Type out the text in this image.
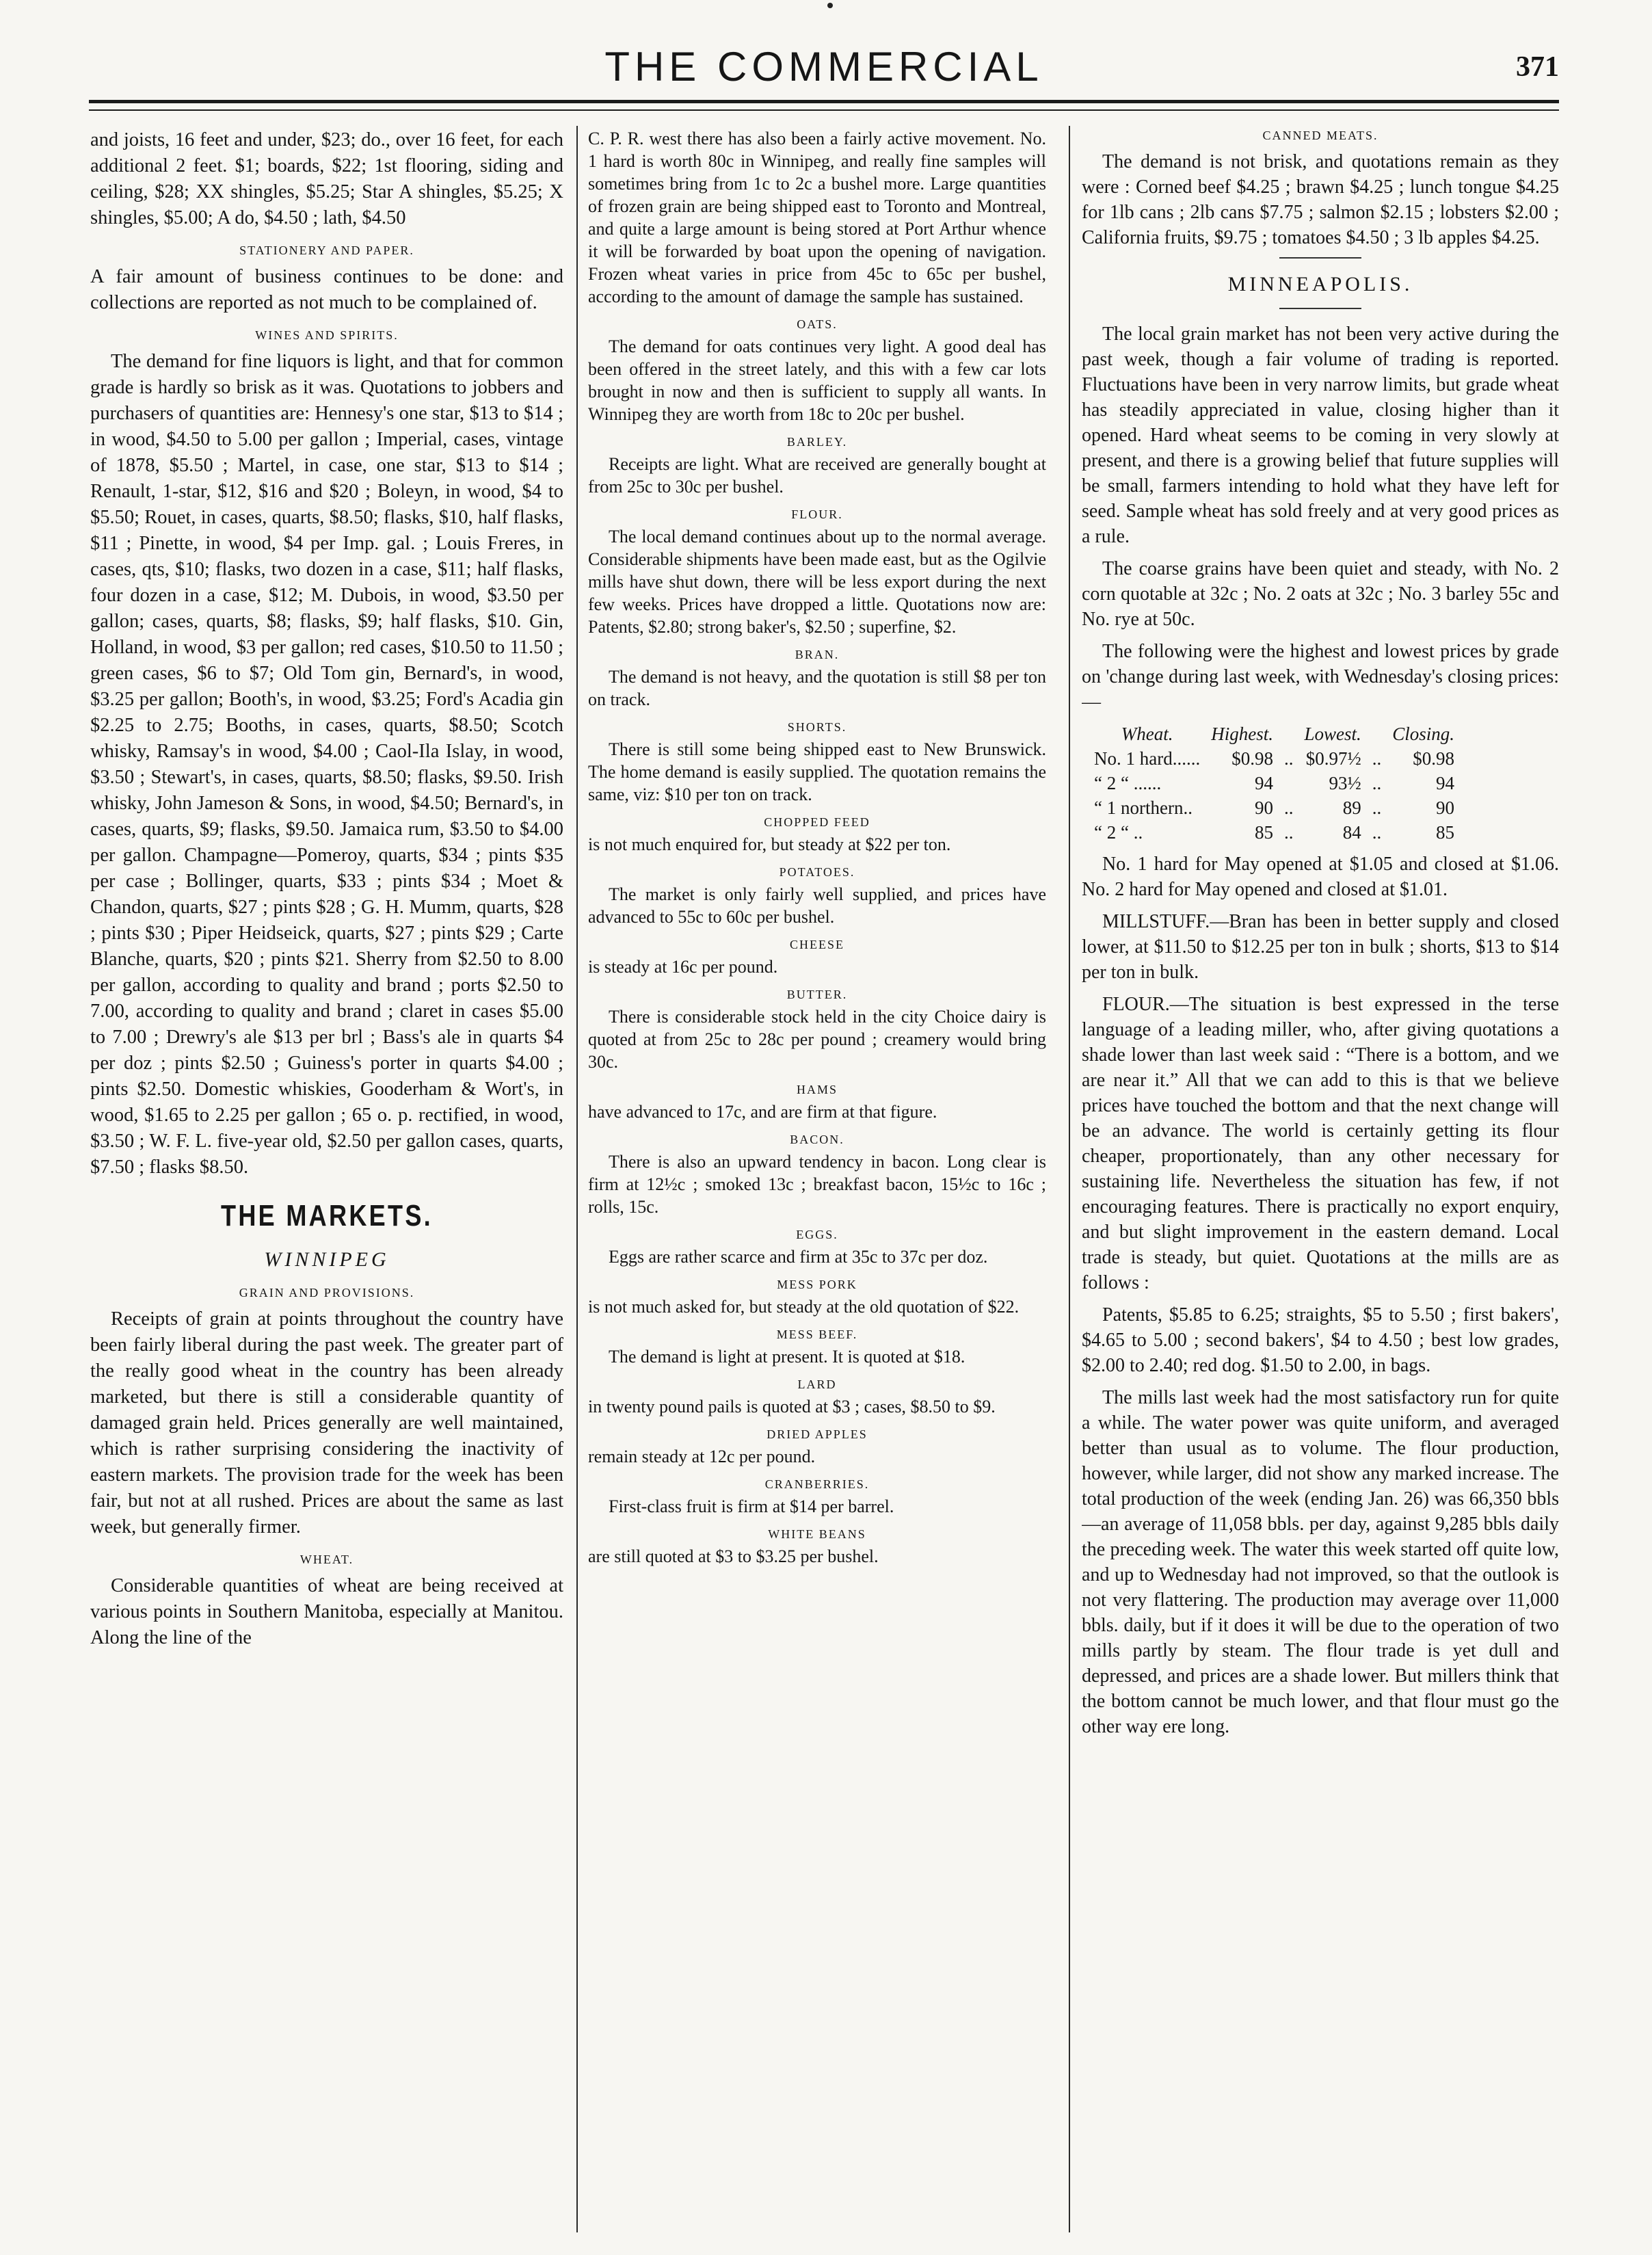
THE COMMERCIAL	371

and joists, 16 feet and under, $23; do., over 16 feet, for each additional 2 feet. $1; boards, $22; 1st flooring, siding and ceiling, $28; XX shingles, $5.25; Star A shingles, $5.25; X shingles, $5.00; A do, $4.50 ; lath, $4.50

STATIONERY AND PAPER.

A fair amount of business continues to be done: and collections are reported as not much to be complained of.

WINES AND SPIRITS.

The demand for fine liquors is light, and that for common grade is hardly so brisk as it was. Quotations to jobbers and purchasers of quantities are: Hennesy's one star, $13 to $14 ; in wood, $4.50 to 5.00 per gallon ; Imperial, cases, vintage of 1878, $5.50 ; Martel, in case, one star, $13 to $14 ; Renault, 1-star, $12, $16 and $20 ; Boleyn, in wood, $4 to $5.50; Rouet, in cases, quarts, $8.50; flasks, $10, half flasks, $11 ; Pinette, in wood, $4 per Imp. gal. ; Louis Freres, in cases, qts, $10; flasks, two dozen in a case, $11; half flasks, four dozen in a case, $12; M. Dubois, in wood, $3.50 per gallon; cases, quarts, $8; flasks, $9; half flasks, $10. Gin, Holland, in wood, $3 per gallon; red cases, $10.50 to 11.50 ; green cases, $6 to $7; Old Tom gin, Bernard's, in wood, $3.25 per gallon; Booth's, in wood, $3.25; Ford's Acadia gin $2.25 to 2.75; Booths, in cases, quarts, $8.50; Scotch whisky, Ramsay's in wood, $4.00 ; Caol-Ila Islay, in wood, $3.50 ; Stewart's, in cases, quarts, $8.50; flasks, $9.50. Irish whisky, John Jameson & Sons, in wood, $4.50; Bernard's, in cases, quarts, $9; flasks, $9.50. Jamaica rum, $3.50 to $4.00 per gallon. Champagne—Pomeroy, quarts, $34 ; pints $35 per case ; Bollinger, quarts, $33 ; pints $34 ; Moet & Chandon, quarts, $27 ; pints $28 ; G. H. Mumm, quarts, $28 ; pints $30 ; Piper Heidseick, quarts, $27 ; pints $29 ; Carte Blanche, quarts, $20 ; pints $21. Sherry from $2.50 to 8.00 per gallon, according to quality and brand ; ports $2.50 to 7.00, according to quality and brand ; claret in cases $5.00 to 7.00 ; Drewry's ale $13 per brl ; Bass's ale in quarts $4 per doz ; pints $2.50 ; Guiness's porter in quarts $4.00 ; pints $2.50. Domestic whiskies, Gooderham & Wort's, in wood, $1.65 to 2.25 per gallon ; 65 o. p. rectified, in wood, $3.50 ; W. F. L. five-year old, $2.50 per gallon cases, quarts, $7.50 ; flasks $8.50.

THE MARKETS.
WINNIPEG
GRAIN AND PROVISIONS.

Receipts of grain at points throughout the country have been fairly liberal during the past week. The greater part of the really good wheat in the country has been already marketed, but there is still a considerable quantity of damaged grain held. Prices generally are well maintained, which is rather surprising considering the inactivity of eastern markets. The provision trade for the week has been fair, but not at all rushed. Prices are about the same as last week, but generally firmer.

WHEAT.

Considerable quantities of wheat are being received at various points in Southern Manitoba, especially at Manitou. Along the line of the

C. P. R. west there has also been a fairly active movement. No. 1 hard is worth 80c in Winnipeg, and really fine samples will sometimes bring from 1c to 2c a bushel more. Large quantities of frozen grain are being shipped east to Toronto and Montreal, and quite a large amount is being stored at Port Arthur whence it will be forwarded by boat upon the opening of navigation. Frozen wheat varies in price from 45c to 65c per bushel, according to the amount of damage the sample has sustained.

OATS.

The demand for oats continues very light. A good deal has been offered in the street lately, and this with a few car lots brought in now and then is sufficient to supply all wants. In Winnipeg they are worth from 18c to 20c per bushel.

BARLEY.

Receipts are light. What are received are generally bought at from 25c to 30c per bushel.

FLOUR.

The local demand continues about up to the normal average. Considerable shipments have been made east, but as the Ogilvie mills have shut down, there will be less export during the next few weeks. Prices have dropped a little. Quotations now are: Patents, $2.80; strong baker's, $2.50 ; superfine, $2.

BRAN.

The demand is not heavy, and the quotation is still $8 per ton on track.

SHORTS.

There is still some being shipped east to New Brunswick. The home demand is easily supplied. The quotation remains the same, viz: $10 per ton on track.

CHOPPED FEED

is not much enquired for, but steady at $22 per ton.

POTATOES.

The market is only fairly well supplied, and prices have advanced to 55c to 60c per bushel.

CHEESE

is steady at 16c per pound.

BUTTER.

There is considerable stock held in the city Choice dairy is quoted at from 25c to 28c per pound ; creamery would bring 30c.

HAMS

have advanced to 17c, and are firm at that figure.

BACON.

There is also an upward tendency in bacon. Long clear is firm at 12½c ; smoked 13c ; breakfast bacon, 15½c to 16c ; rolls, 15c.

EGGS.

Eggs are rather scarce and firm at 35c to 37c per doz.

MESS PORK

is not much asked for, but steady at the old quotation of $22.

MESS BEEF.

The demand is light at present. It is quoted at $18.

LARD

in twenty pound pails is quoted at $3 ; cases, $8.50 to $9.

DRIED APPLES

remain steady at 12c per pound.

CRANBERRIES.

First-class fruit is firm at $14 per barrel.

WHITE BEANS

are still quoted at $3 to $3.25 per bushel.

CANNED MEATS.

The demand is not brisk, and quotations remain as they were : Corned beef $4.25 ; brawn $4.25 ; lunch tongue $4.25 for 1lb cans ; 2lb cans $7.75 ; salmon $2.15 ; lobsters $2.00 ; California fruits, $9.75 ; tomatoes $4.50 ; 3 lb apples $4.25.

MINNEAPOLIS.

The local grain market has not been very active during the past week, though a fair volume of trading is reported. Fluctuations have been in very narrow limits, but grade wheat has steadily appreciated in value, closing higher than it opened. Hard wheat seems to be coming in very slowly at present, and there is a growing belief that future supplies will be small, farmers intending to hold what they have left for seed. Sample wheat has sold freely and at very good prices as a rule.

The coarse grains have been quiet and steady, with No. 2 corn quotable at 32c ; No. 2 oats at 32c ; No. 3 barley 55c and No. rye at 50c.

The following were the highest and lowest prices by grade on 'change during last week, with Wednesday's closing prices:—

Wheat.	Highest.		Lowest.		Closing.
No. 1 hard......	$0.98	..	$0.97½	..	$0.98
“ 2 “ ......	94		93½	..	94
“ 1 northern..	90	..	89	..	90
“ 2 “ ..	85	..	84	..	85

No. 1 hard for May opened at $1.05 and closed at $1.06. No. 2 hard for May opened and closed at $1.01.

MILLSTUFF.—Bran has been in better supply and closed lower, at $11.50 to $12.25 per ton in bulk ; shorts, $13 to $14 per ton in bulk.

FLOUR.—The situation is best expressed in the terse language of a leading miller, who, after giving quotations a shade lower than last week said : “There is a bottom, and we are near it.” All that we can add to this is that we believe prices have touched the bottom and that the next change will be an advance. The world is certainly getting its flour cheaper, proportionately, than any other necessary for sustaining life. Nevertheless the situation has few, if not encouraging features. There is practically no export enquiry, and but slight improvement in the eastern demand. Local trade is steady, but quiet. Quotations at the mills are as follows :

Patents, $5.85 to 6.25; straights, $5 to 5.50 ; first bakers', $4.65 to 5.00 ; second bakers', $4 to 4.50 ; best low grades, $2.00 to 2.40; red dog. $1.50 to 2.00, in bags.

The mills last week had the most satisfactory run for quite a while. The water power was quite uniform, and averaged better than usual as to volume. The flour production, however, while larger, did not show any marked increase. The total production of the week (ending Jan. 26) was 66,350 bbls—an average of 11,058 bbls. per day, against 9,285 bbls daily the preceding week. The water this week started off quite low, and up to Wednesday had not improved, so that the outlook is not very flattering. The production may average over 11,000 bbls. daily, but if it does it will be due to the operation of two mills partly by steam. The flour trade is yet dull and depressed, and prices are a shade lower. But millers think that the bottom cannot be much lower, and that flour must go the other way ere long.
